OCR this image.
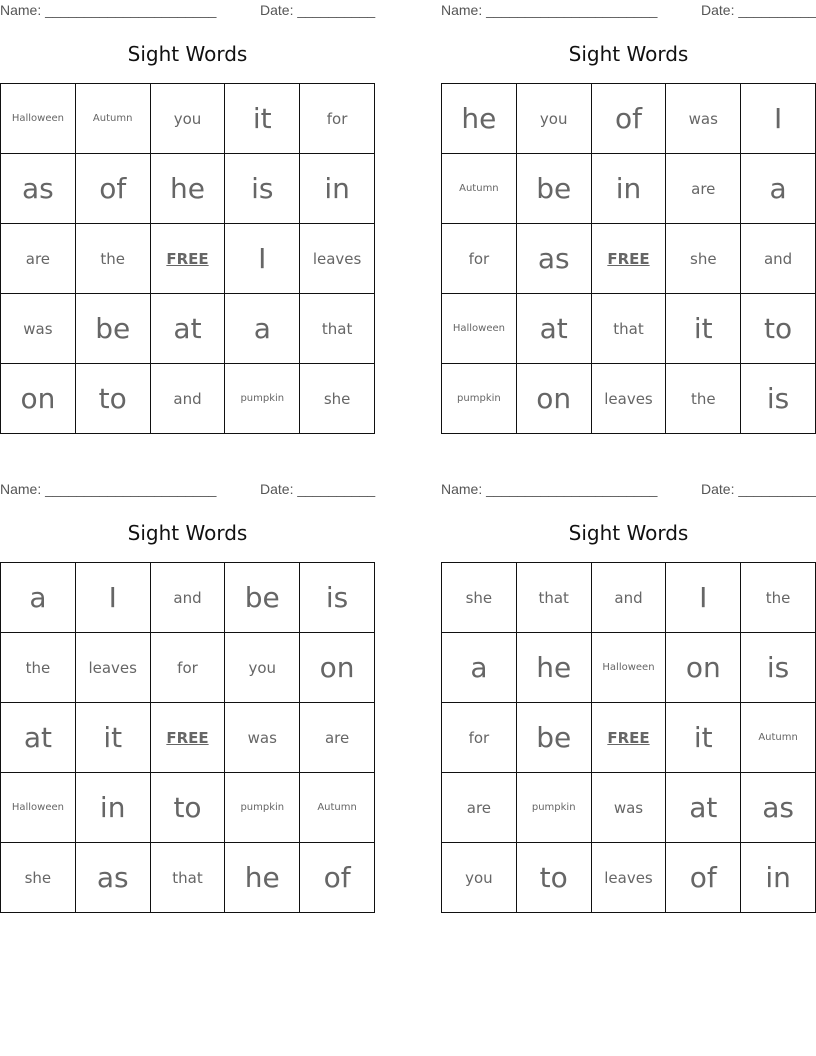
Name: ______________________	Date: __________
Sight Words
Halloween	Autumn	you	it	for
as	of	he	is	in
are	the	FREE	I	leaves
was	be	at	a	that
on	to	and	pumpkin	she
Name: ______________________	Date: __________
Sight Words
he	you	of	was	I
Autumn	be	in	are	a
for	as	FREE	she	and
Halloween	at	that	it	to
pumpkin	on	leaves	the	is
Name: ______________________	Date: __________
Sight Words
a	I	and	be	is
the	leaves	for	you	on
at	it	FREE	was	are
Halloween	in	to	pumpkin	Autumn
she	as	that	he	of
Name: ______________________	Date: __________
Sight Words
she	that	and	I	the
a	he	Halloween	on	is
for	be	FREE	it	Autumn
are	pumpkin	was	at	as
you	to	leaves	of	in
